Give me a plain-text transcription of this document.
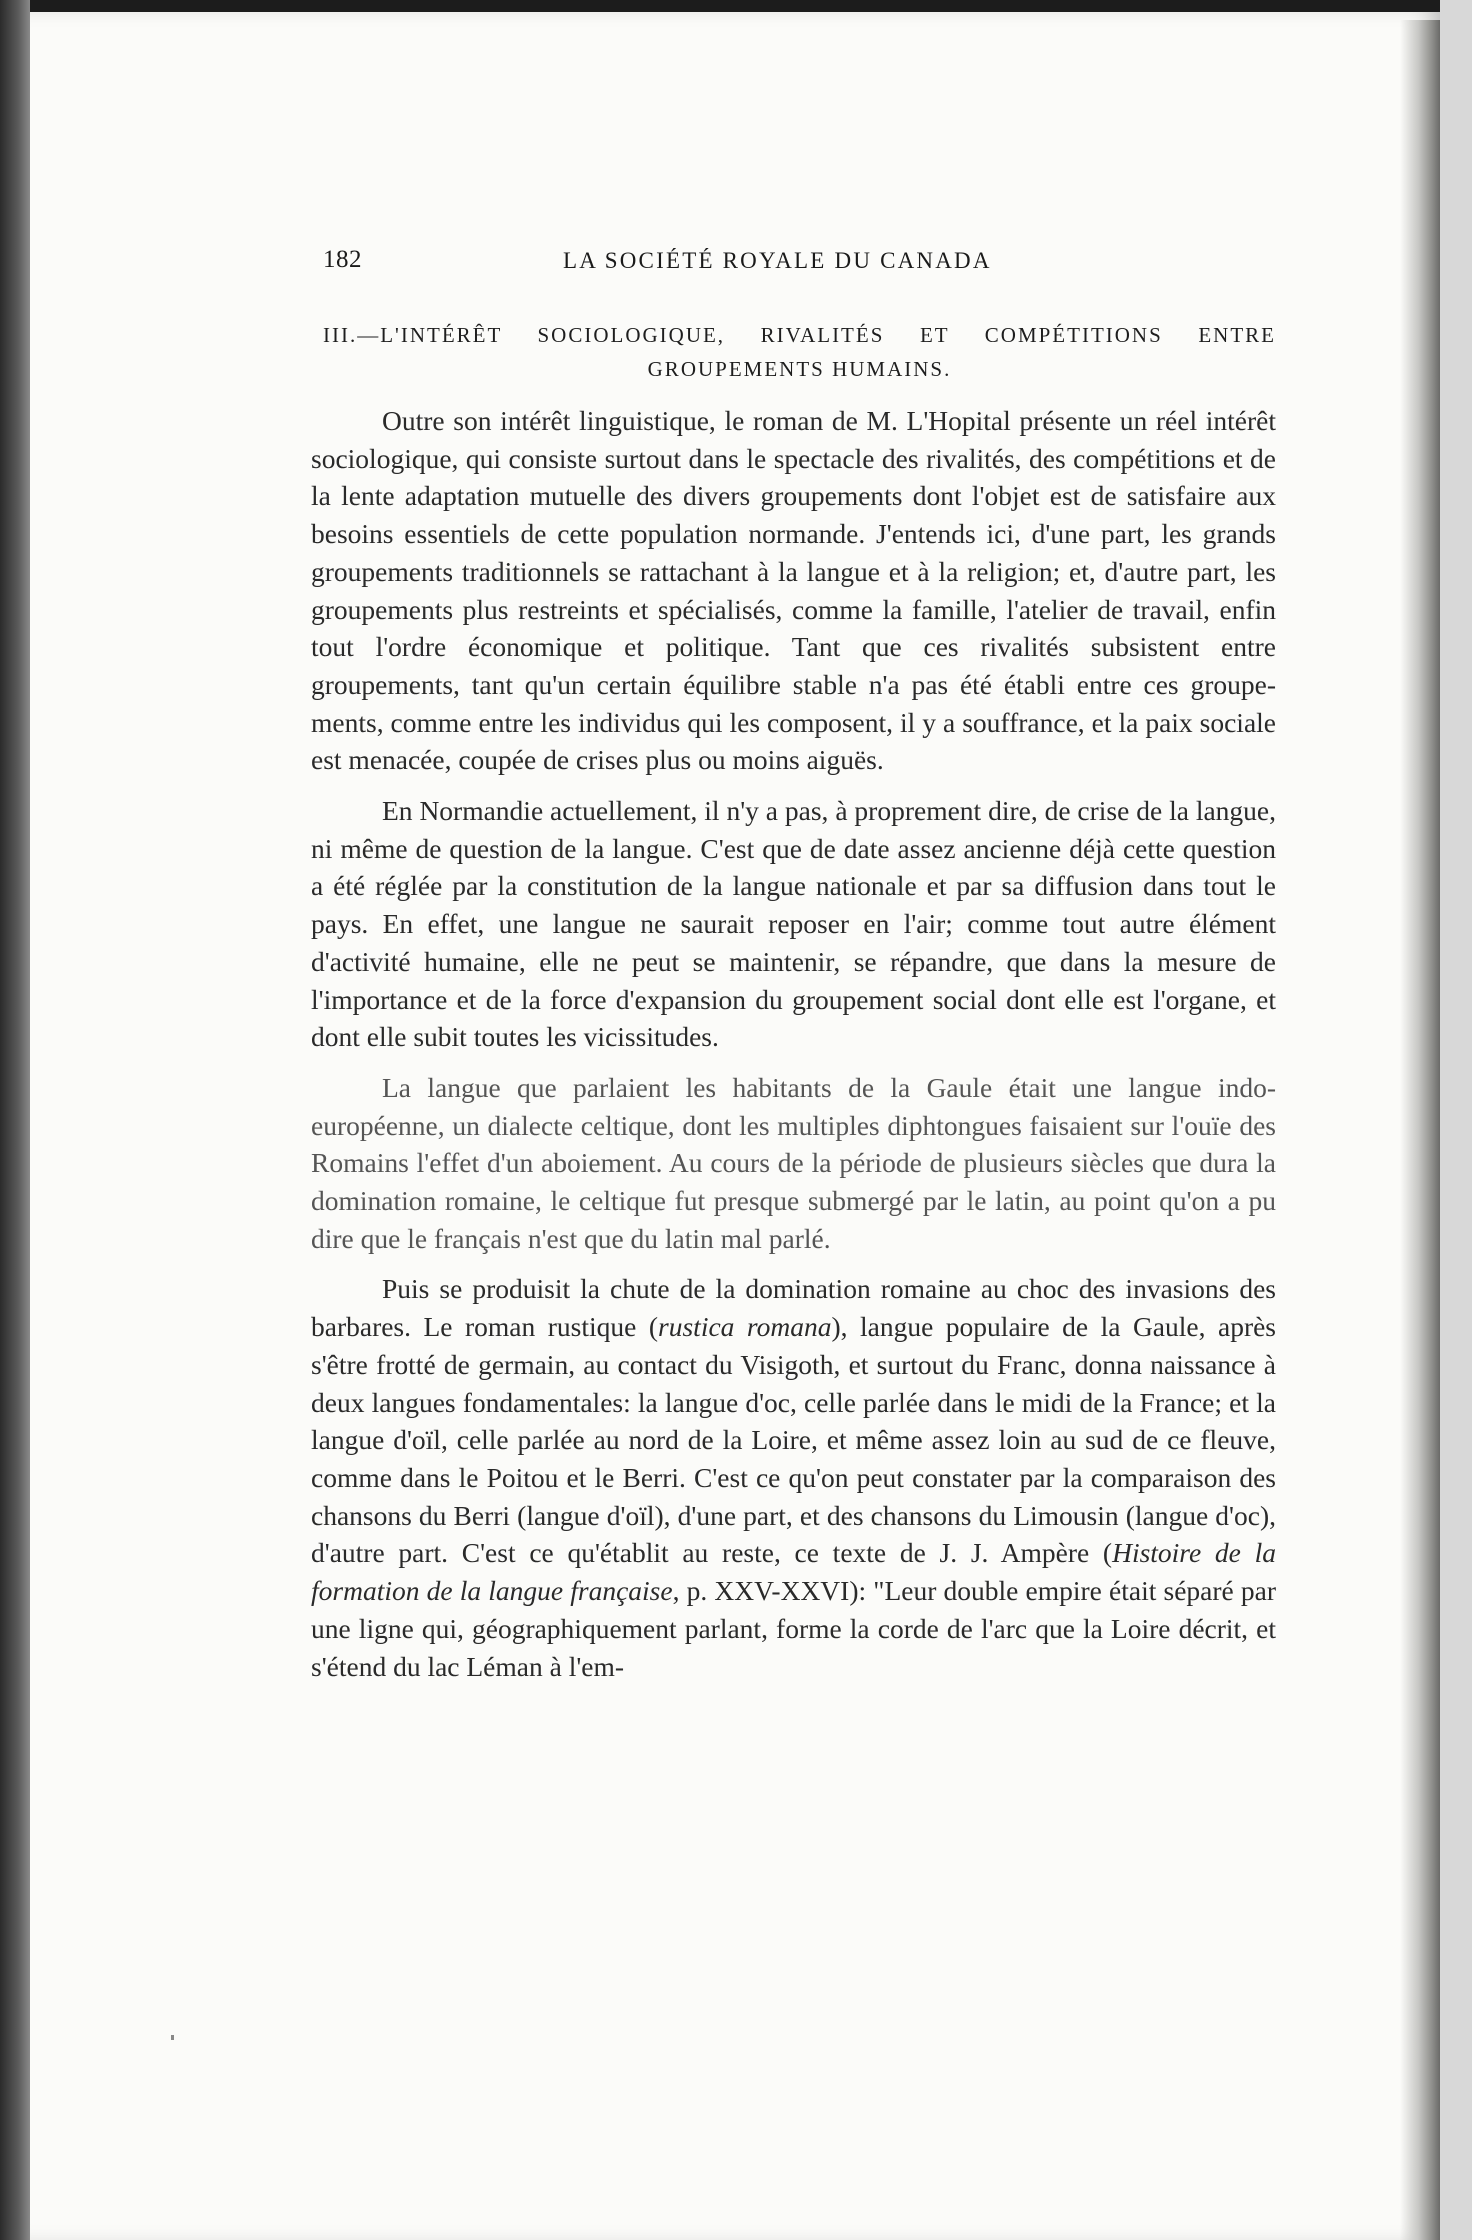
182	LA SOCIÉTÉ ROYALE DU CANADA
III.—L'INTÉRÊT SOCIOLOGIQUE, RIVALITÉS ET COMPÉTITIONS ENTRE
GROUPEMENTS HUMAINS.

Outre son intérêt linguistique, le roman de M. L'Hopital présente un réel intérêt sociologique, qui consiste surtout dans le spectacle des rivalités, des compétitions et de la lente adaptation mutuelle des divers groupements dont l'objet est de satisfaire aux besoins essentiels de cette population normande. J'entends ici, d'une part, les grands groupements traditionnels se rattachant à la langue et à la religion; et, d'autre part, les groupements plus restreints et spécialisés, comme la famille, l'atelier de travail, enfin tout l'ordre économique et politique. Tant que ces rivalités subsistent entre groupements, tant qu'un certain équilibre stable n'a pas été établi entre ces groupements, comme entre les individus qui les composent, il y a souffrance, et la paix sociale est menacée, coupée de crises plus ou moins aiguës.

En Normandie actuellement, il n'y a pas, à proprement dire, de crise de la langue, ni même de question de la langue. C'est que de date assez ancienne déjà cette question a été réglée par la constitution de la langue nationale et par sa diffusion dans tout le pays. En effet, une langue ne saurait reposer en l'air; comme tout autre élément d'activité humaine, elle ne peut se maintenir, se répandre, que dans la mesure de l'importance et de la force d'expansion du groupement social dont elle est l'organe, et dont elle subit toutes les vicissitudes.

La langue que parlaient les habitants de la Gaule était une langue indo-européenne, un dialecte celtique, dont les multiples diphtongues faisaient sur l'ouïe des Romains l'effet d'un aboiement. Au cours de la période de plusieurs siècles que dura la domination romaine, le celtique fut presque submergé par le latin, au point qu'on a pu dire que le français n'est que du latin mal parlé.

Puis se produisit la chute de la domination romaine au choc des invasions des barbares. Le roman rustique (rustica romana), langue populaire de la Gaule, après s'être frotté de germain, au contact du Visigoth, et surtout du Franc, donna naissance à deux langues fondamentales: la langue d'oc, celle parlée dans le midi de la France; et la langue d'oïl, celle parlée au nord de la Loire, et même assez loin au sud de ce fleuve, comme dans le Poitou et le Berri. C'est ce qu'on peut constater par la comparaison des chansons du Berri (langue d'oïl), d'une part, et des chansons du Limousin (langue d'oc), d'autre part. C'est ce qu'établit au reste, ce texte de J. J. Ampère (Histoire de la formation de la langue française, p. XXV-XXVI): "Leur double empire était séparé par une ligne qui, géographiquement parlant, forme la corde de l'arc que la Loire décrit, et s'étend du lac Léman à l'em-
